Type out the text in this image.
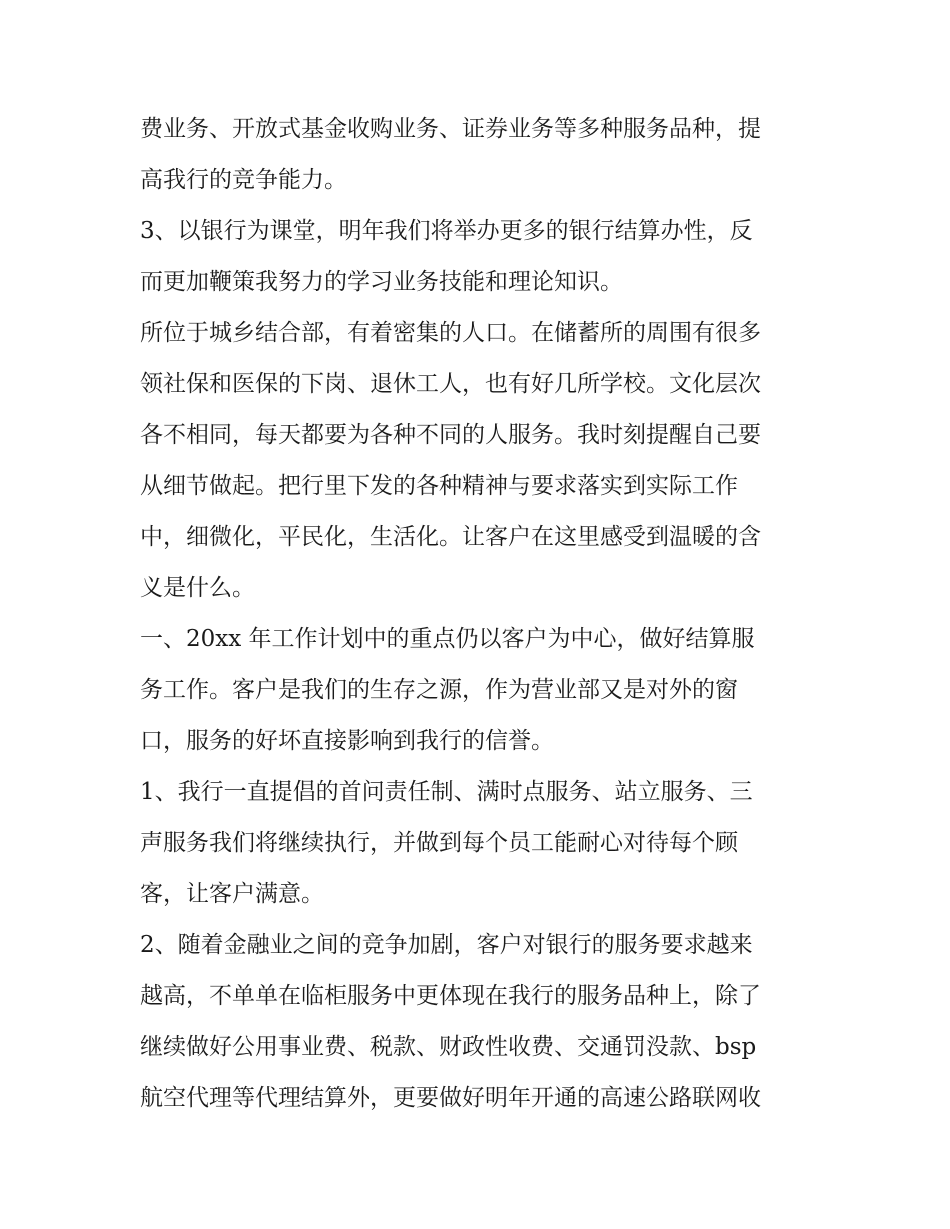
费业务、开放式基金收购业务、证券业务等多种服务品种，提
高我行的竞争能力。
3、以银行为课堂，明年我们将举办更多的银行结算办性，反
而更加鞭策我努力的学习业务技能和理论知识。
所位于城乡结合部，有着密集的人口。在储蓄所的周围有很多
领社保和医保的下岗、退休工人，也有好几所学校。文化层次
各不相同，每天都要为各种不同的人服务。我时刻提醒自己要
从细节做起。把行里下发的各种精神与要求落实到实际工作
中，细微化，平民化，生活化。让客户在这里感受到温暖的含
义是什么。
一、20xx 年工作计划中的重点仍以客户为中心，做好结算服
务工作。客户是我们的生存之源，作为营业部又是对外的窗
口，服务的好坏直接影响到我行的信誉。
1、我行一直提倡的首问责任制、满时点服务、站立服务、三
声服务我们将继续执行，并做到每个员工能耐心对待每个顾
客，让客户满意。
2、随着金融业之间的竞争加剧，客户对银行的服务要求越来
越高，不单单在临柜服务中更体现在我行的服务品种上，除了
继续做好公用事业费、税款、财政性收费、交通罚没款、bsp
航空代理等代理结算外，更要做好明年开通的高速公路联网收
